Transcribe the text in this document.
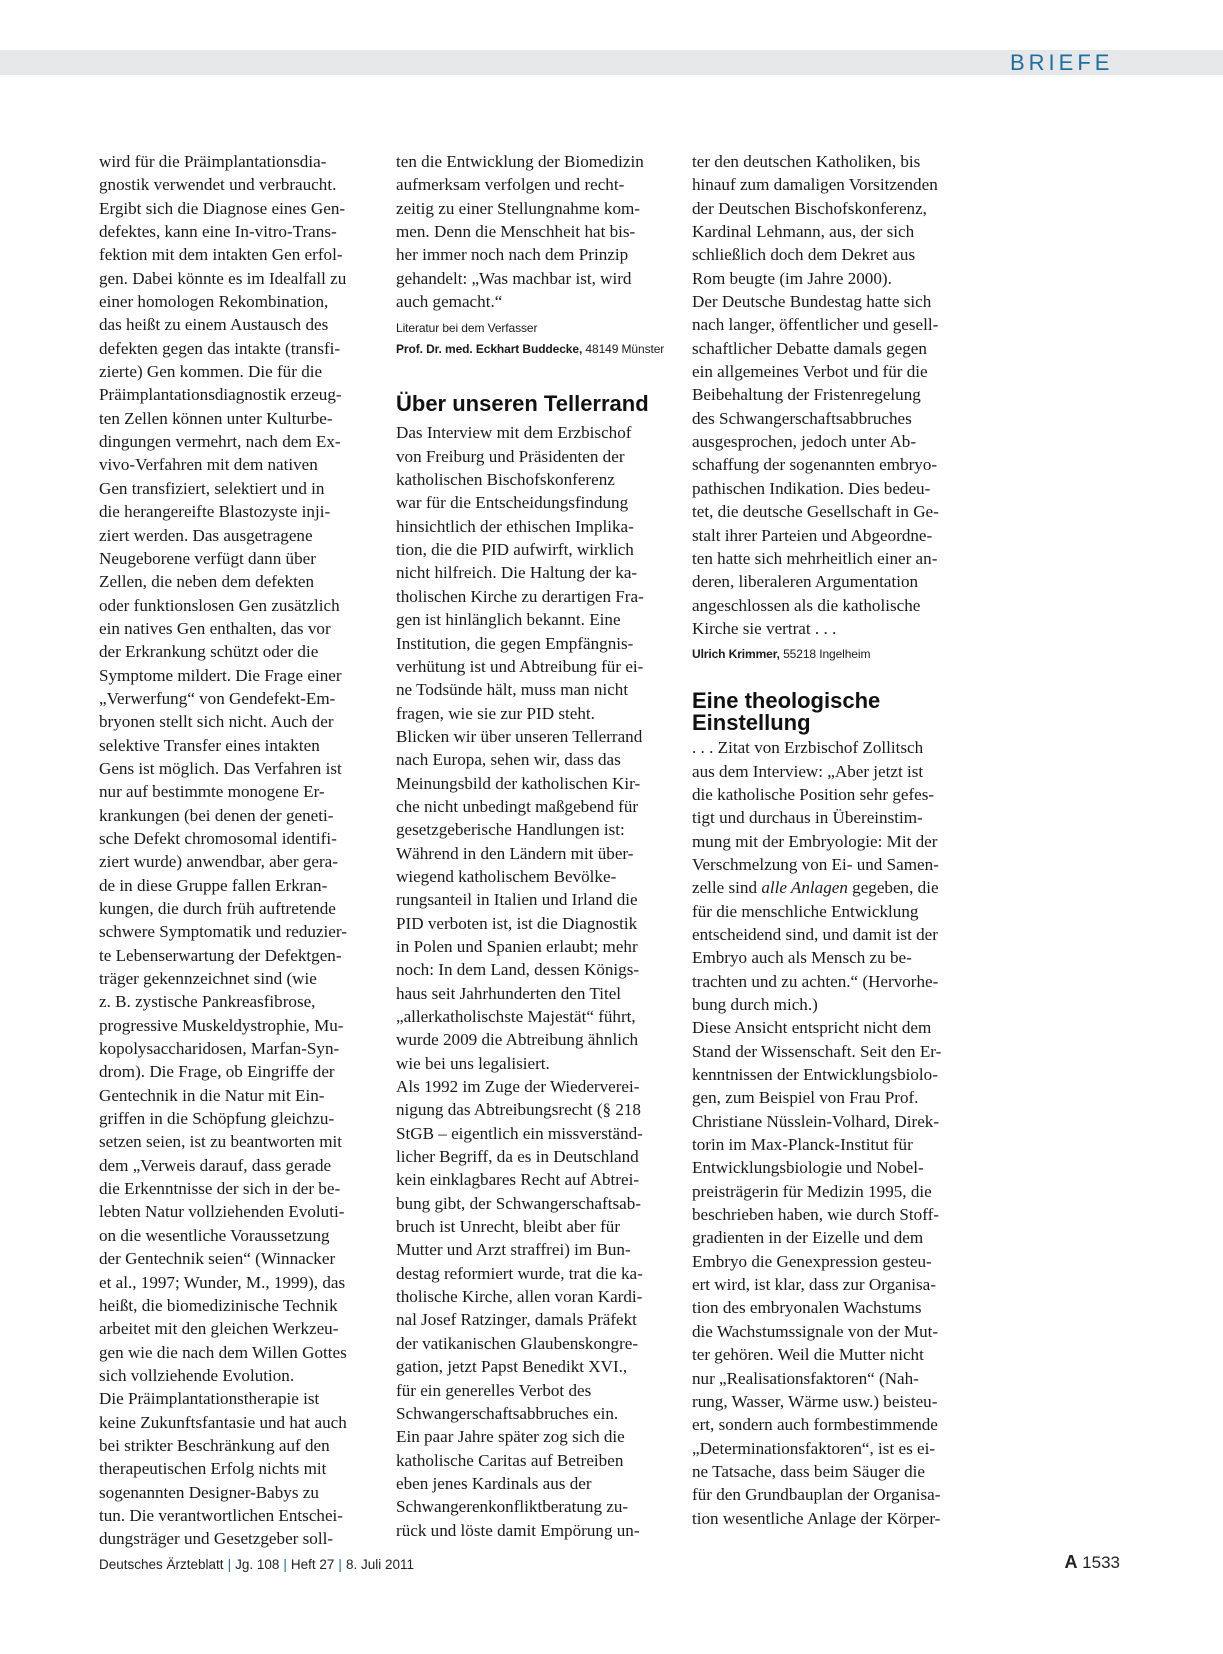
BRIEFE

wird für die Präimplantationsdia-
gnostik verwendet und verbraucht.
Ergibt sich die Diagnose eines Gen-
defektes, kann eine In-vitro-Trans-
fektion mit dem intakten Gen erfol-
gen. Dabei könnte es im Idealfall zu
einer homologen Rekombination,
das heißt zu einem Austausch des
defekten gegen das intakte (transfi-
zierte) Gen kommen. Die für die
Präimplantationsdiagnostik erzeug-
ten Zellen können unter Kulturbe-
dingungen vermehrt, nach dem Ex-
vivo-Verfahren mit dem nativen
Gen transfiziert, selektiert und in
die herangereifte Blastozyste inji-
ziert werden. Das ausgetragene
Neugeborene verfügt dann über
Zellen, die neben dem defekten
oder funktionslosen Gen zusätzlich
ein natives Gen enthalten, das vor
der Erkrankung schützt oder die
Symptome mildert. Die Frage einer
„Verwerfung“ von Gendefekt-Em-
bryonen stellt sich nicht. Auch der
selektive Transfer eines intakten
Gens ist möglich. Das Verfahren ist
nur auf bestimmte monogene Er-
krankungen (bei denen der geneti-
sche Defekt chromosomal identifi-
ziert wurde) anwendbar, aber gera-
de in diese Gruppe fallen Erkran-
kungen, die durch früh auftretende
schwere Symptomatik und reduzier-
te Lebenserwartung der Defektgen-
träger gekennzeichnet sind (wie
z. B. zystische Pankreasfibrose,
progressive Muskeldystrophie, Mu-
kopolysaccharidosen, Marfan-Syn-
drom). Die Frage, ob Eingriffe der
Gentechnik in die Natur mit Ein-
griffen in die Schöpfung gleichzu-
setzen seien, ist zu beantworten mit
dem „Verweis darauf, dass gerade
die Erkenntnisse der sich in der be-
lebten Natur vollziehenden Evoluti-
on die wesentliche Voraussetzung
der Gentechnik seien“ (Winnacker
et al., 1997; Wunder, M., 1999), das
heißt, die biomedizinische Technik
arbeitet mit den gleichen Werkzeu-
gen wie die nach dem Willen Gottes
sich vollziehende Evolution.
Die Präimplantationstherapie ist
keine Zukunftsfantasie und hat auch
bei strikter Beschränkung auf den
therapeutischen Erfolg nichts mit
sogenannten Designer-Babys zu
tun. Die verantwortlichen Entschei-
dungsträger und Gesetzgeber soll-

ten die Entwicklung der Biomedizin
aufmerksam verfolgen und recht-
zeitig zu einer Stellungnahme kom-
men. Denn die Menschheit hat bis-
her immer noch nach dem Prinzip
gehandelt: „Was machbar ist, wird
auch gemacht.“

Literatur bei dem Verfasser
Prof. Dr. med. Eckhart Buddecke, 48149 Münster
Über unseren Tellerrand

Das Interview mit dem Erzbischof
von Freiburg und Präsidenten der
katholischen Bischofskonferenz
war für die Entscheidungsfindung
hinsichtlich der ethischen Implika-
tion, die die PID aufwirft, wirklich
nicht hilfreich. Die Haltung der ka-
tholischen Kirche zu derartigen Fra-
gen ist hinlänglich bekannt. Eine
Institution, die gegen Empfängnis-
verhütung ist und Abtreibung für ei-
ne Todsünde hält, muss man nicht
fragen, wie sie zur PID steht.
Blicken wir über unseren Tellerrand
nach Europa, sehen wir, dass das
Meinungsbild der katholischen Kir-
che nicht unbedingt maßgebend für
gesetzgeberische Handlungen ist:
Während in den Ländern mit über-
wiegend katholischem Bevölke-
rungsanteil in Italien und Irland die
PID verboten ist, ist die Diagnostik
in Polen und Spanien erlaubt; mehr
noch: In dem Land, dessen Königs-
haus seit Jahrhunderten den Titel
„allerkatholischste Majestät“ führt,
wurde 2009 die Abtreibung ähnlich
wie bei uns legalisiert.
Als 1992 im Zuge der Wiederverei-
nigung das Abtreibungsrecht (§ 218
StGB – eigentlich ein missverständ-
licher Begriff, da es in Deutschland
kein einklagbares Recht auf Abtrei-
bung gibt, der Schwangerschaftsab-
bruch ist Unrecht, bleibt aber für
Mutter und Arzt straffrei) im Bun-
destag reformiert wurde, trat die ka-
tholische Kirche, allen voran Kardi-
nal Josef Ratzinger, damals Präfekt
der vatikanischen Glaubenskongre-
gation, jetzt Papst Benedikt XVI.,
für ein generelles Verbot des
Schwangerschaftsabbruches ein.
Ein paar Jahre später zog sich die
katholische Caritas auf Betreiben
eben jenes Kardinals aus der
Schwangerenkonfliktberatung zu-
rück und löste damit Empörung un-

ter den deutschen Katholiken, bis
hinauf zum damaligen Vorsitzenden
der Deutschen Bischofskonferenz,
Kardinal Lehmann, aus, der sich
schließlich doch dem Dekret aus
Rom beugte (im Jahre 2000).
Der Deutsche Bundestag hatte sich
nach langer, öffentlicher und gesell-
schaftlicher Debatte damals gegen
ein allgemeines Verbot und für die
Beibehaltung der Fristenregelung
des Schwangerschaftsabbruches
ausgesprochen, jedoch unter Ab-
schaffung der sogenannten embryo-
pathischen Indikation. Dies bedeu-
tet, die deutsche Gesellschaft in Ge-
stalt ihrer Parteien und Abgeordne-
ten hatte sich mehrheitlich einer an-
deren, liberaleren Argumentation
angeschlossen als die katholische
Kirche sie vertrat . . .

Ulrich Krimmer, 55218 Ingelheim
Eine theologische
Einstellung

. . . Zitat von Erzbischof Zollitsch
aus dem Interview: „Aber jetzt ist
die katholische Position sehr gefes-
tigt und durchaus in Übereinstim-
mung mit der Embryologie: Mit der
Verschmelzung von Ei- und Samen-
zelle sind alle Anlagen gegeben, die
für die menschliche Entwicklung
entscheidend sind, und damit ist der
Embryo auch als Mensch zu be-
trachten und zu achten.“ (Hervorhe-
bung durch mich.)
Diese Ansicht entspricht nicht dem
Stand der Wissenschaft. Seit den Er-
kenntnissen der Entwicklungsbiolo-
gen, zum Beispiel von Frau Prof.
Christiane Nüsslein-Volhard, Direk-
torin im Max-Planck-Institut für
Entwicklungsbiologie und Nobel-
preisträgerin für Medizin 1995, die
beschrieben haben, wie durch Stoff-
gradienten in der Eizelle und dem
Embryo die Genexpression gesteu-
ert wird, ist klar, dass zur Organisa-
tion des embryonalen Wachstums
die Wachstumssignale von der Mut-
ter gehören. Weil die Mutter nicht
nur „Realisationsfaktoren“ (Nah-
rung, Wasser, Wärme usw.) beisteu-
ert, sondern auch formbestimmende
„Determinationsfaktoren“, ist es ei-
ne Tatsache, dass beim Säuger die
für den Grundbauplan der Organisa-
tion wesentliche Anlage der Körper-

Deutsches Ärzteblatt | Jg. 108 | Heft 27 | 8. Juli 2011	A 1533
